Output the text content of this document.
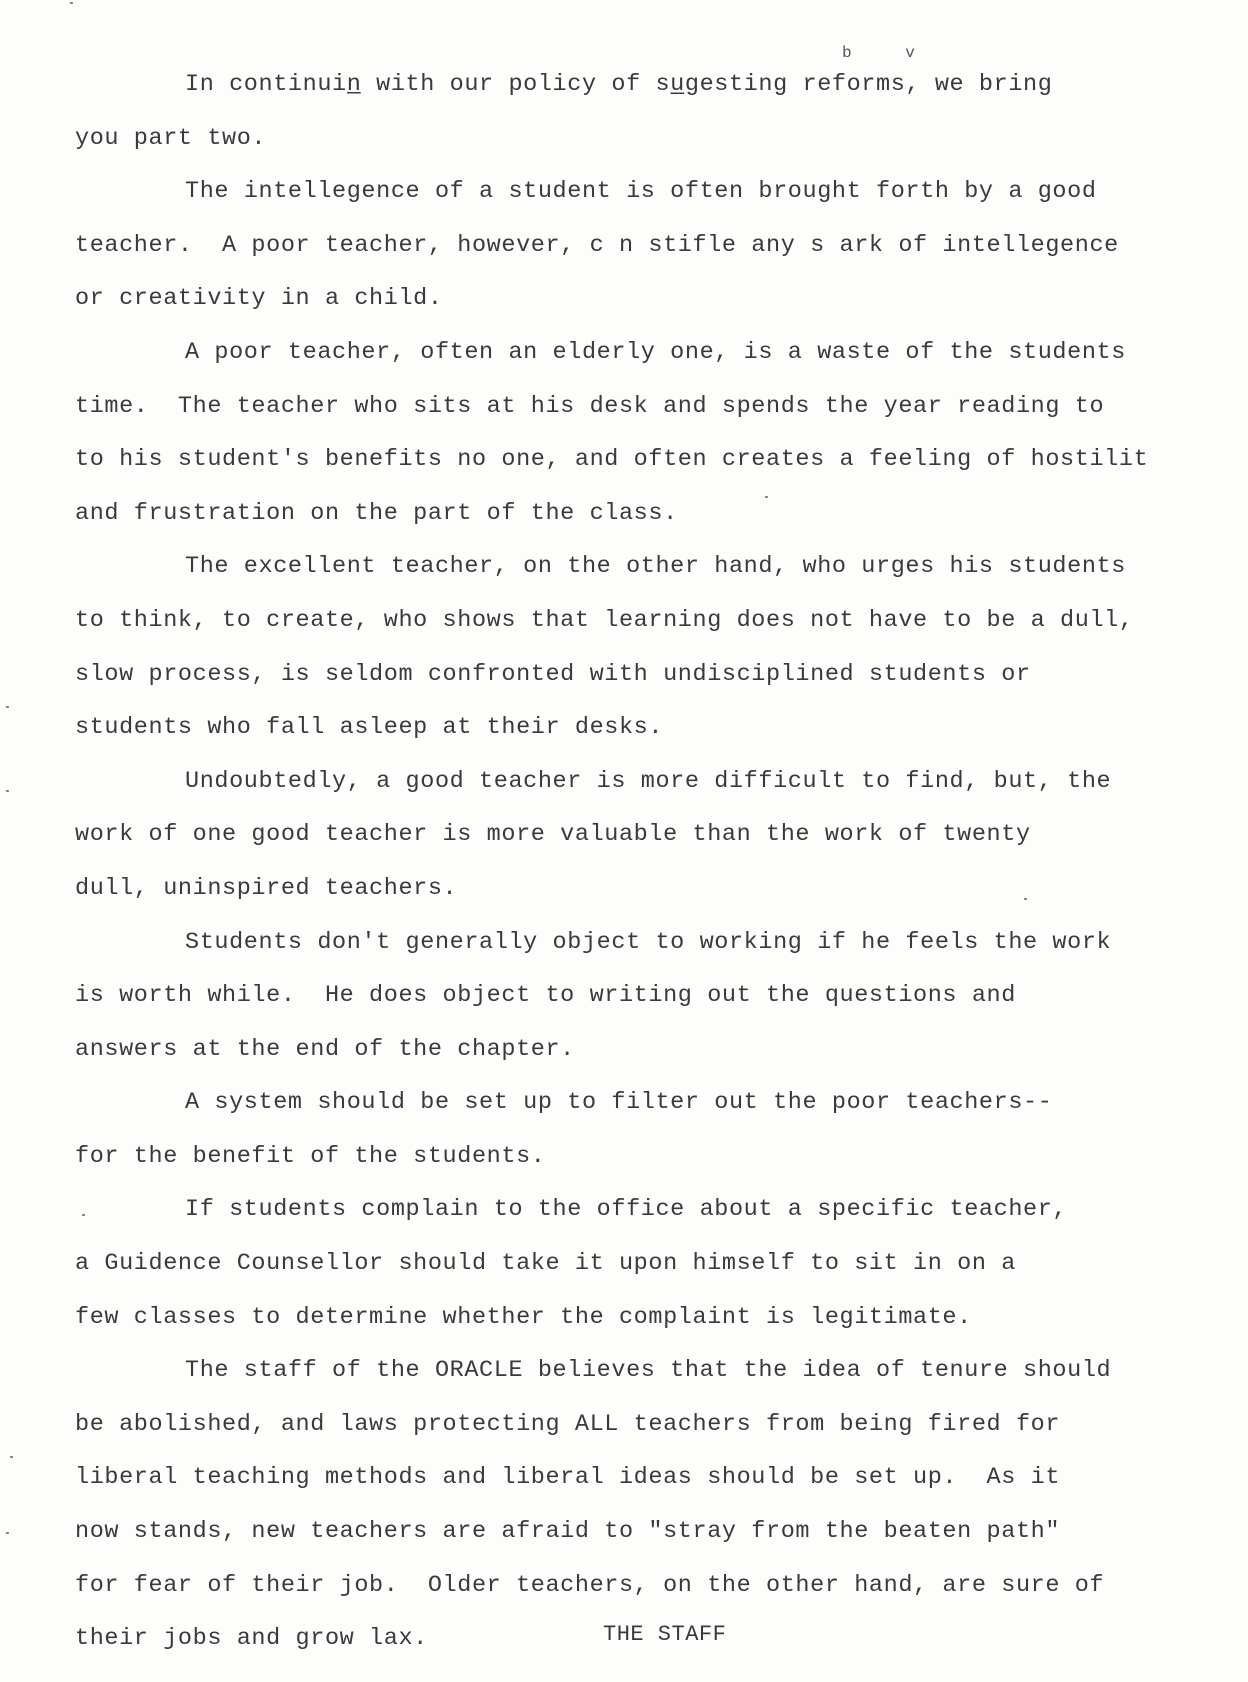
b v
In continuin̲ with our policy of su̲gesting reforms, we bring
you part two.
The intellegence of a student is often brought forth by a good
teacher.  A poor teacher, however, c n stifle any s ark of intellegence
or creativity in a child.
A poor teacher, often an elderly one, is a waste of the students
time.  The teacher who sits at his desk and spends the year reading to
to his student's benefits no one, and often creates a feeling of hostilit
and frustration on the part of the class.
The excellent teacher, on the other hand, who urges his students
to think, to create, who shows that learning does not have to be a dull,
slow process, is seldom confronted with undisciplined students or
students who fall asleep at their desks.
Undoubtedly, a good teacher is more difficult to find, but, the
work of one good teacher is more valuable than the work of twenty
dull, uninspired teachers.
Students don't generally object to working if he feels the work
is worth while.  He does object to writing out the questions and
answers at the end of the chapter.
A system should be set up to filter out the poor teachers--
for the benefit of the students.
If students complain to the office about a specific teacher,
a Guidence Counsellor should take it upon himself to sit in on a
few classes to determine whether the complaint is legitimate.
The staff of the ORACLE believes that the idea of tenure should
be abolished, and laws protecting ALL teachers from being fired for
liberal teaching methods and liberal ideas should be set up.  As it
now stands, new teachers are afraid to "stray from the beaten path"
for fear of their job.  Older teachers, on the other hand, are sure of
their jobs and grow lax.	THE STAFF
